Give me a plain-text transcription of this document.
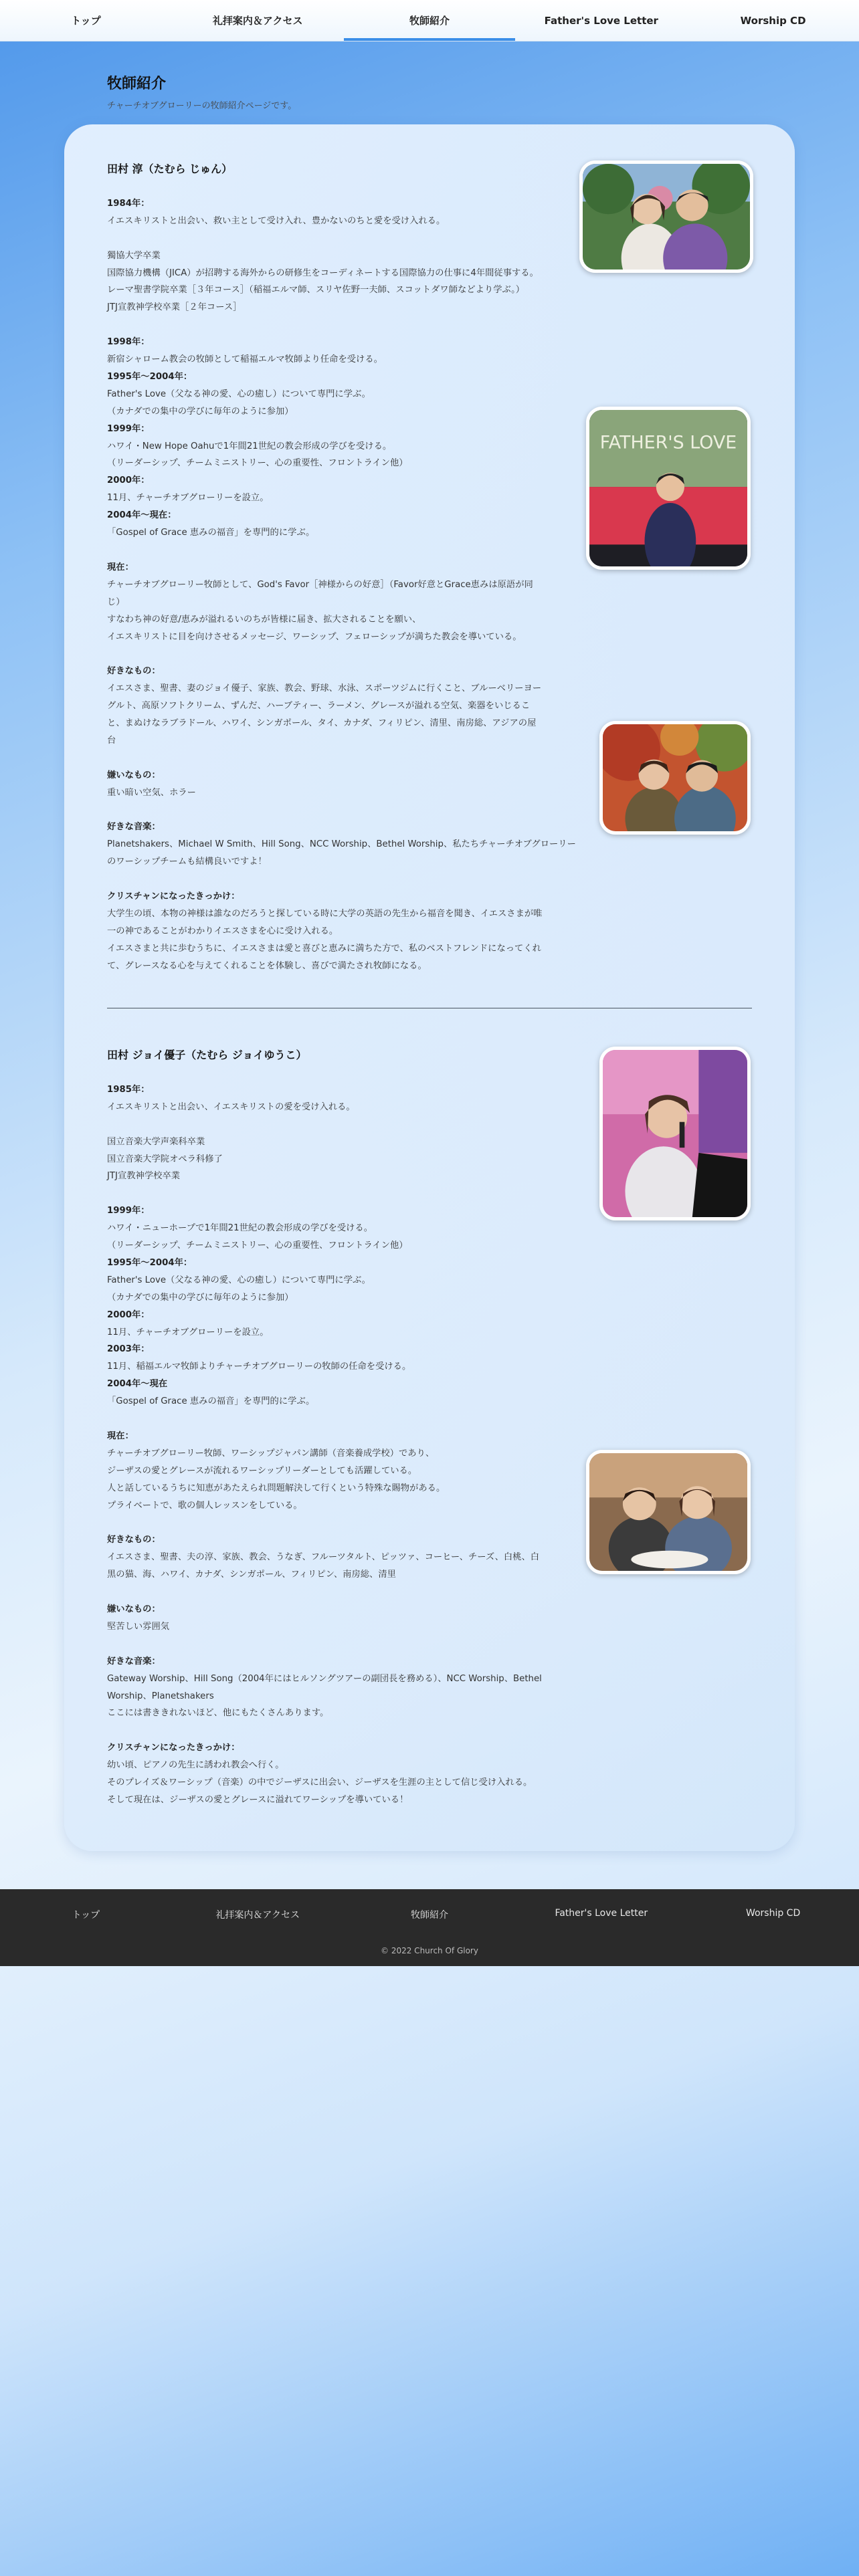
トップ	礼拝案内＆アクセス	牧師紹介	Father's Love Letter	Worship CD
牧師紹介

チャーチオブグローリーの牧師紹介ページです。

田村 淳（たむら じゅん）
1984年：
イエスキリストと出会い、救い主として受け入れ、豊かないのちと愛を受け入れる。
獨協大学卒業
国際協力機構（JICA）が招聘する海外からの研修生をコーディネートする国際協力の仕事に4年間従事する。
レーマ聖書学院卒業［３年コース］（稲福エルマ師、スリヤ佐野一夫師、スコットダワ師などより学ぶ。）
JTJ宣教神学校卒業［２年コース］
1998年：
新宿シャローム教会の牧師として稲福エルマ牧師より任命を受ける。
1995年〜2004年：
Father's Love（父なる神の愛、心の癒し）について専門に学ぶ。
（カナダでの集中の学びに毎年のように参加）
1999年：
ハワイ・New Hope Oahuで1年間21世紀の教会形成の学びを受ける。
（リーダーシップ、チームミニストリー、心の重要性、フロントライン他）
2000年：
11月、チャーチオブグローリーを設立。
2004年〜現在：
「Gospel of Grace 恵みの福音」を専門的に学ぶ。
現在：
チャーチオブグローリー牧師として、God's Favor［神様からの好意］（Favor好意とGrace恵みは原語が同
じ）
すなわち神の好意/恵みが溢れるいのちが皆様に届き、拡大されることを願い、
イエスキリストに目を向けさせるメッセージ、ワーシップ、フェローシップが満ちた教会を導いている。
好きなもの：
イエスさま、聖書、妻のジョイ優子、家族、教会、野球、水泳、スポーツジムに行くこと、ブルーベリーヨー
グルト、高原ソフトクリーム、ずんだ、ハーブティー、ラーメン、グレースが溢れる空気、楽器をいじるこ
と、まぬけなラブラドール、ハワイ、シンガポール、タイ、カナダ、フィリピン、清里、南房総、アジアの屋
台
嫌いなもの：
重い暗い空気、ホラー
好きな音楽：
Planetshakers、Michael W Smith、Hill Song、NCC Worship、Bethel Worship、私たちチャーチオブグローリー
のワーシップチームも結構良いですよ！
クリスチャンになったきっかけ：
大学生の頃、本物の神様は誰なのだろうと探している時に大学の英語の先生から福音を聞き、イエスさまが唯
一の神であることがわかりイエスさまを心に受け入れる。
イエスさまと共に歩むうちに、イエスさまは愛と喜びと恵みに満ちた方で、私のベストフレンドになってくれ
て、グレースなる心を与えてくれることを体験し、喜びで満たされ牧師になる。
田村 ジョイ優子（たむら ジョイゆうこ）
1985年：
イエスキリストと出会い、イエスキリストの愛を受け入れる。
国立音楽大学声楽科卒業
国立音楽大学院オペラ科修了
JTJ宣教神学校卒業
1999年：
ハワイ・ニューホープで1年間21世紀の教会形成の学びを受ける。
（リーダーシップ、チームミニストリー、心の重要性、フロントライン他）
1995年〜2004年：
Father's Love（父なる神の愛、心の癒し）について専門に学ぶ。
（カナダでの集中の学びに毎年のように参加）
2000年：
11月、チャーチオブグローリーを設立。
2003年：
11月、稲福エルマ牧師よりチャーチオブグローリーの牧師の任命を受ける。
2004年〜現在
「Gospel of Grace 恵みの福音」を専門的に学ぶ。
現在：
チャーチオブグローリー牧師、ワーシップジャパン講師（音楽養成学校）であり、
ジーザスの愛とグレースが流れるワーシップリーダーとしても活躍している。
人と話しているうちに知恵があたえられ問題解決して行くという特殊な賜物がある。
プライベートで、歌の個人レッスンをしている。
好きなもの：
イエスさま、聖書、夫の淳、家族、教会、うなぎ、フルーツタルト、ピッツァ、コーヒー、チーズ、白桃、白
黒の猫、海、ハワイ、カナダ、シンガポール、フィリピン、南房総、清里
嫌いなもの：
堅苦しい雰囲気
好きな音楽：
Gateway Worship、Hill Song（2004年にはヒルソングツアーの副団長を務める）、NCC Worship、Bethel
Worship、Planetshakers
ここには書ききれないほど、他にもたくさんあります。
クリスチャンになったきっかけ：
幼い頃、ピアノの先生に誘われ教会へ行く。
そのプレイズ＆ワーシップ（音楽）の中でジーザスに出会い、ジーザスを生涯の主として信じ受け入れる。
そして現在は、ジーザスの愛とグレースに溢れてワーシップを導いている！
FATHER'S LOVE
トップ	礼拝案内＆アクセス	牧師紹介	Father's Love Letter	Worship CD
© 2022 Church Of Glory
